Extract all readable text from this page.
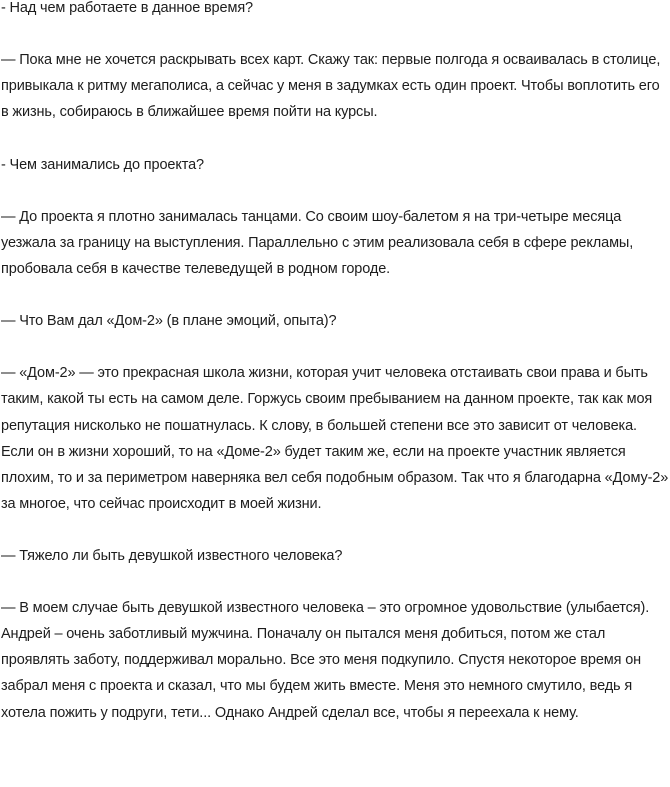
- Над чем работаете в данное время?

— Пока мне не хочется раскрывать всех карт. Скажу так: первые полгода я осваивалась в столице, привыкала к ритму мегаполиса, а сейчас у меня в задумках есть один проект. Чтобы воплотить его в жизнь, собираюсь в ближайшее время пойти на курсы.

- Чем занимались до проекта?

— До проекта я плотно занималась танцами. Со своим шоу-балетом я на три-четыре месяца уезжала за границу на выступления. Параллельно с этим реализовала себя в сфере рекламы, пробовала себя в качестве телеведущей в родном городе.

— Что Вам дал «Дом-2» (в плане эмоций, опыта)?

— «Дом-2» — это прекрасная школа жизни, которая учит человека отстаивать свои права и быть таким, какой ты есть на самом деле. Горжусь своим пребыванием на данном проекте, так как моя репутация нисколько не пошатнулась. К слову, в большей степени все это зависит от человека. Если он в жизни хороший, то на «Доме-2» будет таким же, если на проекте участник является плохим, то и за периметром наверняка вел себя подобным образом. Так что я благодарна «Дому-2» за многое, что сейчас происходит в моей жизни.

— Тяжело ли быть девушкой известного человека?

— В моем случае быть девушкой известного человека – это огромное удовольствие (улыбается). Андрей – очень заботливый мужчина. Поначалу он пытался меня добиться, потом же стал проявлять заботу, поддерживал морально. Все это меня подкупило. Спустя некоторое время он забрал меня с проекта и сказал, что мы будем жить вместе. Меня это немного смутило, ведь я хотела пожить у подруги, тети... Однако Андрей сделал все, чтобы я переехала к нему.
